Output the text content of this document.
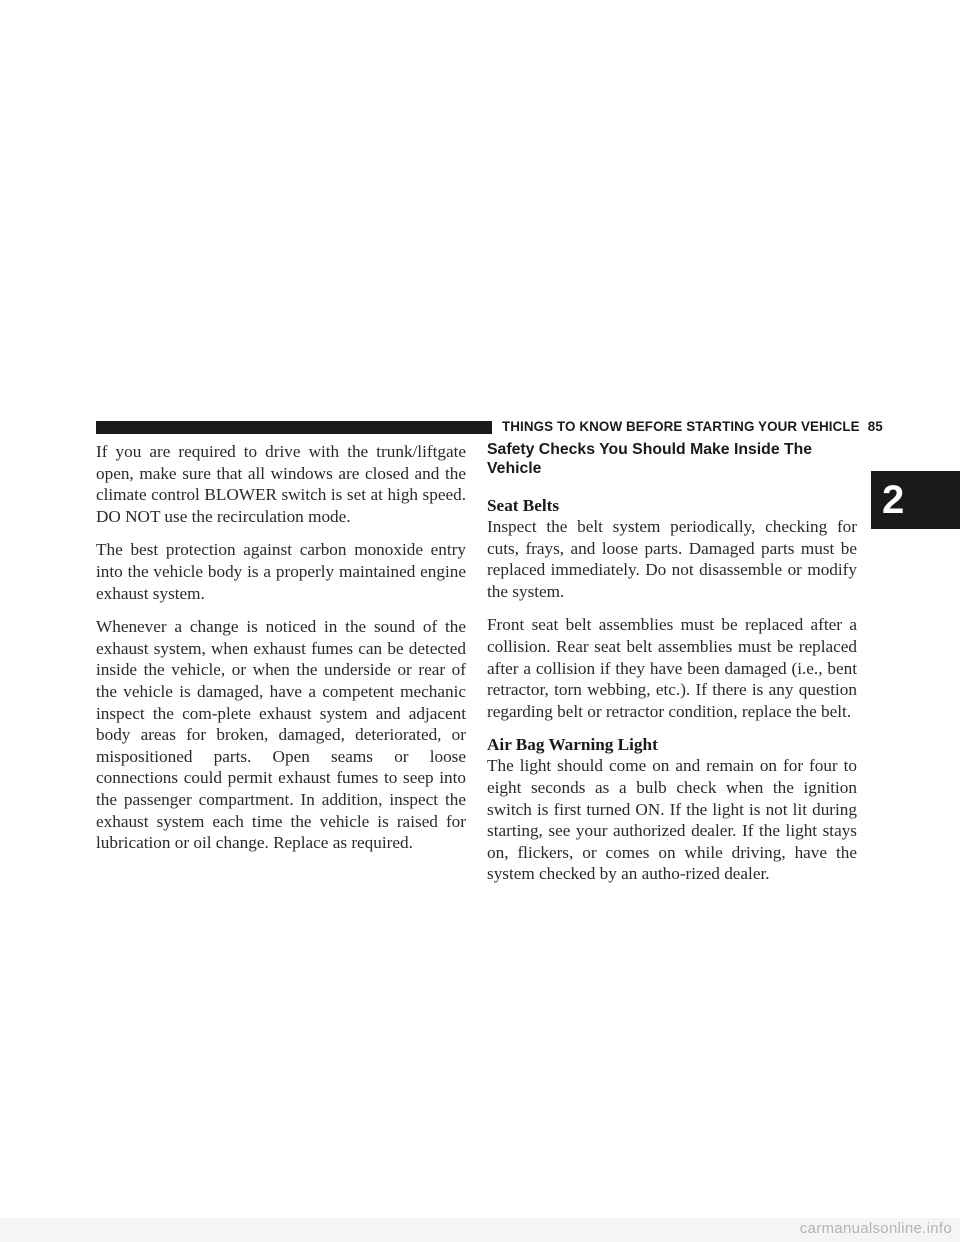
THINGS TO KNOW BEFORE STARTING YOUR VEHICLE 85

If you are required to drive with the trunk/liftgate open, make sure that all windows are closed and the climate control BLOWER switch is set at high speed. DO NOT use the recirculation mode.

The best protection against carbon monoxide entry into the vehicle body is a properly maintained engine exhaust system.

Whenever a change is noticed in the sound of the exhaust system, when exhaust fumes can be detected inside the vehicle, or when the underside or rear of the vehicle is damaged, have a competent mechanic inspect the com-plete exhaust system and adjacent body areas for broken, damaged, deteriorated, or mispositioned parts. Open seams or loose connections could permit exhaust fumes to seep into the passenger compartment. In addition, inspect the exhaust system each time the vehicle is raised for lubrication or oil change. Replace as required.

Safety Checks You Should Make Inside The Vehicle
Seat Belts

Inspect the belt system periodically, checking for cuts, frays, and loose parts. Damaged parts must be replaced immediately. Do not disassemble or modify the system.

Front seat belt assemblies must be replaced after a collision. Rear seat belt assemblies must be replaced after a collision if they have been damaged (i.e., bent retractor, torn webbing, etc.). If there is any question regarding belt or retractor condition, replace the belt.

Air Bag Warning Light

The light should come on and remain on for four to eight seconds as a bulb check when the ignition switch is first turned ON. If the light is not lit during starting, see your authorized dealer. If the light stays on, flickers, or comes on while driving, have the system checked by an autho-rized dealer.

2
carmanualsonline.info
